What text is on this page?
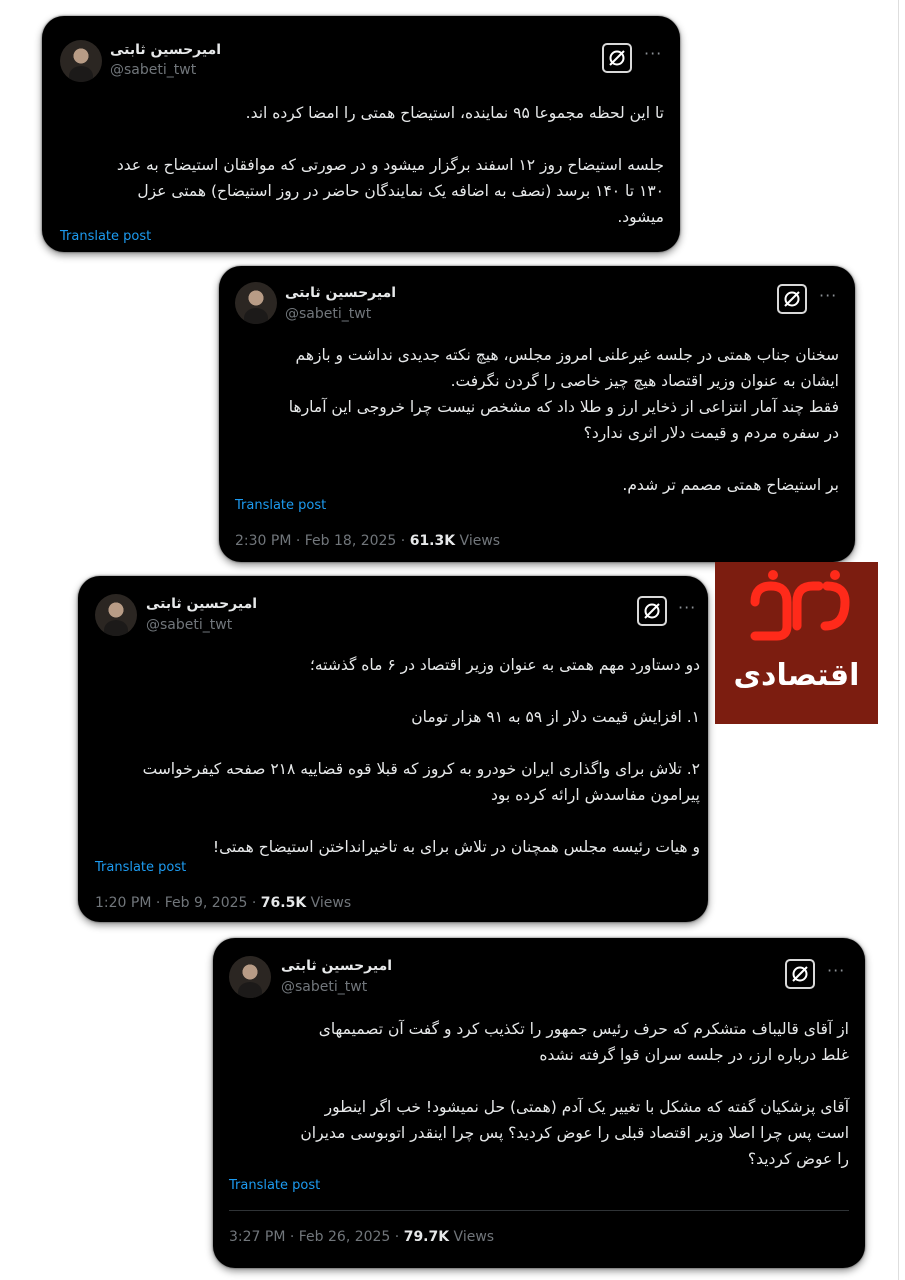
امیرحسین ثابتی
@sabeti_twt
···

تا این لحظه مجموعا ۹۵ نماینده، استیضاح همتی را امضا کرده اند.

جلسه استیضاح روز ۱۲ اسفند برگزار میشود و در صورتی که موافقان استیضاح به عدد

۱۳۰ تا ۱۴۰ برسد (نصف به اضافه یک نمایندگان حاضر در روز استیضاح) همتی عزل

میشود.

Translate post
امیرحسین ثابتی
@sabeti_twt
···

سخنان جناب همتی در جلسه غیرعلنی امروز مجلس، هیچ نکته جدیدی نداشت و بازهم

ایشان به عنوان وزیر اقتصاد هیچ چیز خاصی را گردن نگرفت.

فقط چند آمار انتزاعی از ذخایر ارز و طلا داد که مشخص نیست چرا خروجی این آمارها

در سفره مردم و قیمت دلار اثری ندارد؟

بر استیضاح همتی مصمم تر شدم.

Translate post
2:30 PM · Feb 18, 2025 · 61.3K Views
امیرحسین ثابتی
@sabeti_twt
···

دو دستاورد مهم همتی به عنوان وزیر اقتصاد در ۶ ماه گذشته؛

۱. افزایش قیمت دلار از ۵۹ به ۹۱ هزار تومان

۲. تلاش برای واگذاری ایران خودرو به کروز که قبلا قوه قضاییه ۲۱۸ صفحه کیفرخواست

پیرامون مفاسدش ارائه کرده بود

و هیات رئیسه مجلس همچنان در تلاش برای به تاخیرانداختن استیضاح همتی!

Translate post
1:20 PM · Feb 9, 2025 · 76.5K Views
امیرحسین ثابتی
@sabeti_twt
···

از آقای قالیباف متشکرم که حرف رئیس جمهور را تکذیب کرد و گفت آن تصمیمهای

غلط درباره ارز، در جلسه سران قوا گرفته نشده

آقای پزشکیان گفته که مشکل با تغییر یک آدم (همتی) حل نمیشود! خب اگر اینطور

است پس چرا اصلا وزیر اقتصاد قبلی را عوض کردید؟ پس چرا اینقدر اتوبوسی مدیران

را عوض کردید؟

Translate post
3:27 PM · Feb 26, 2025 · 79.7K Views
اقتصادی
